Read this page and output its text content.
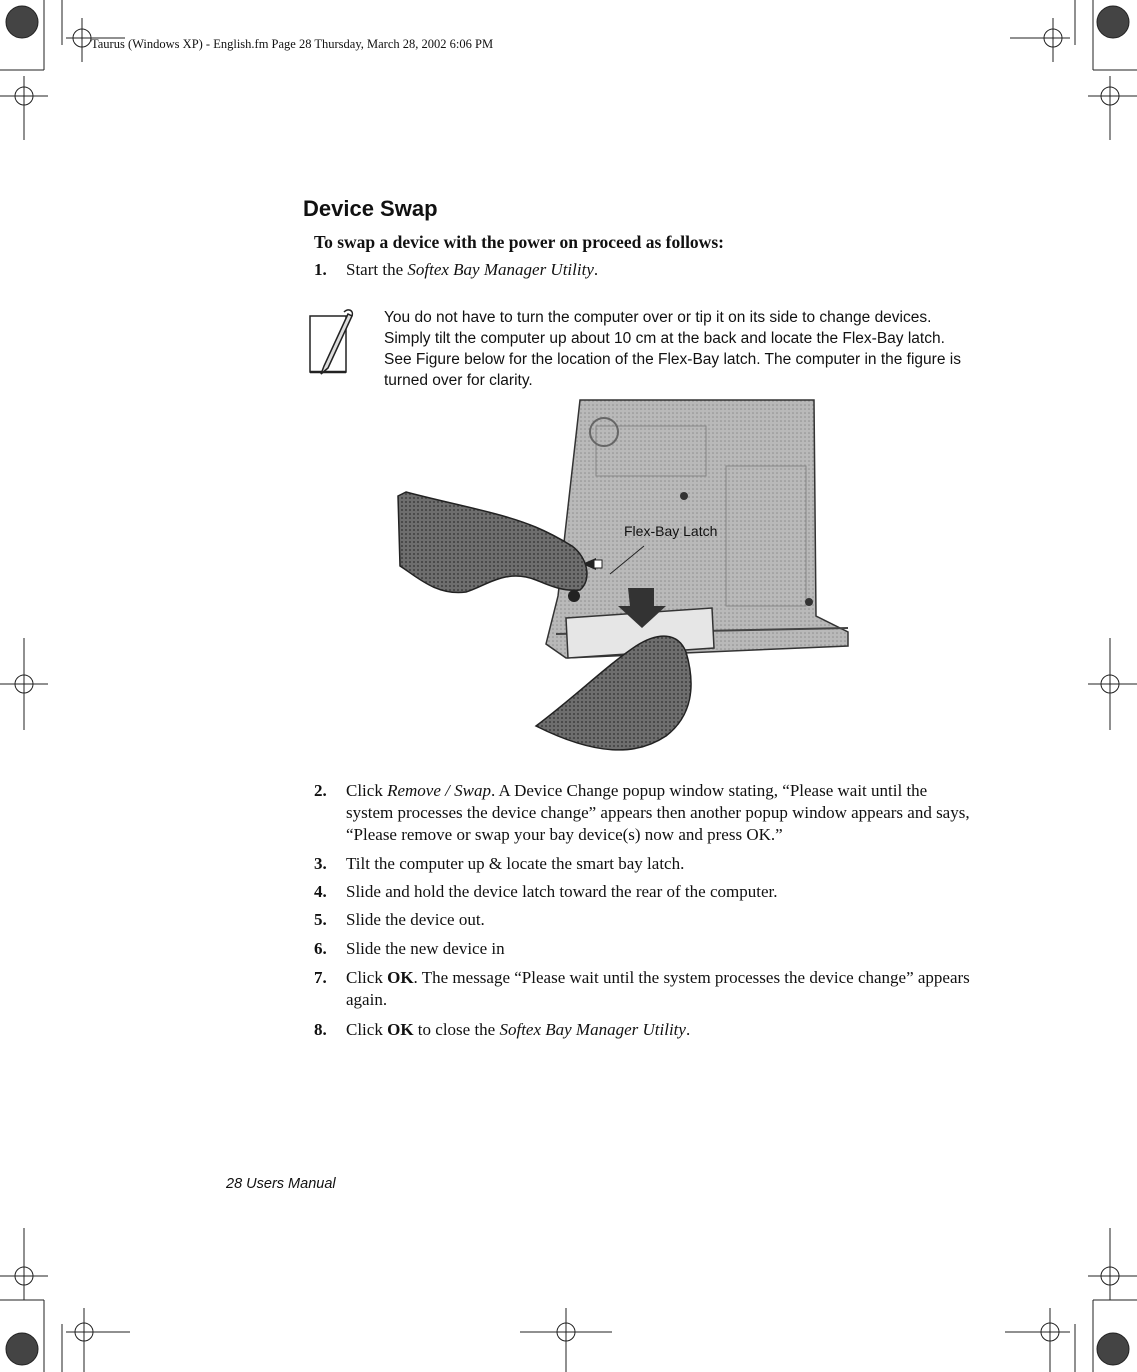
Taurus (Windows XP) - English.fm Page 28 Thursday, March 28, 2002 6:06 PM
Device Swap
To swap a device with the power on proceed as follows:
1. Start the Softex Bay Manager Utility.
You do not have to turn the computer over or tip it on its side to change devices. Simply tilt the computer up about 10 cm at the back and locate the Flex-Bay latch. See Figure below for the location of the Flex-Bay latch. The computer in the figure is turned over for clarity.
Flex-Bay Latch
2. Click Remove / Swap. A Device Change popup window stating, “Please wait until the system processes the device change” appears then another popup window appears and says, “Please remove or swap your bay device(s) now and press OK.”
3. Tilt the computer up & locate the smart bay latch.
4. Slide and hold the device latch toward the rear of the computer.
5. Slide the device out.
6. Slide the new device in
7. Click OK. The message “Please wait until the system processes the device change” appears again.
8. Click OK to close the Softex Bay Manager Utility.
28 Users Manual
